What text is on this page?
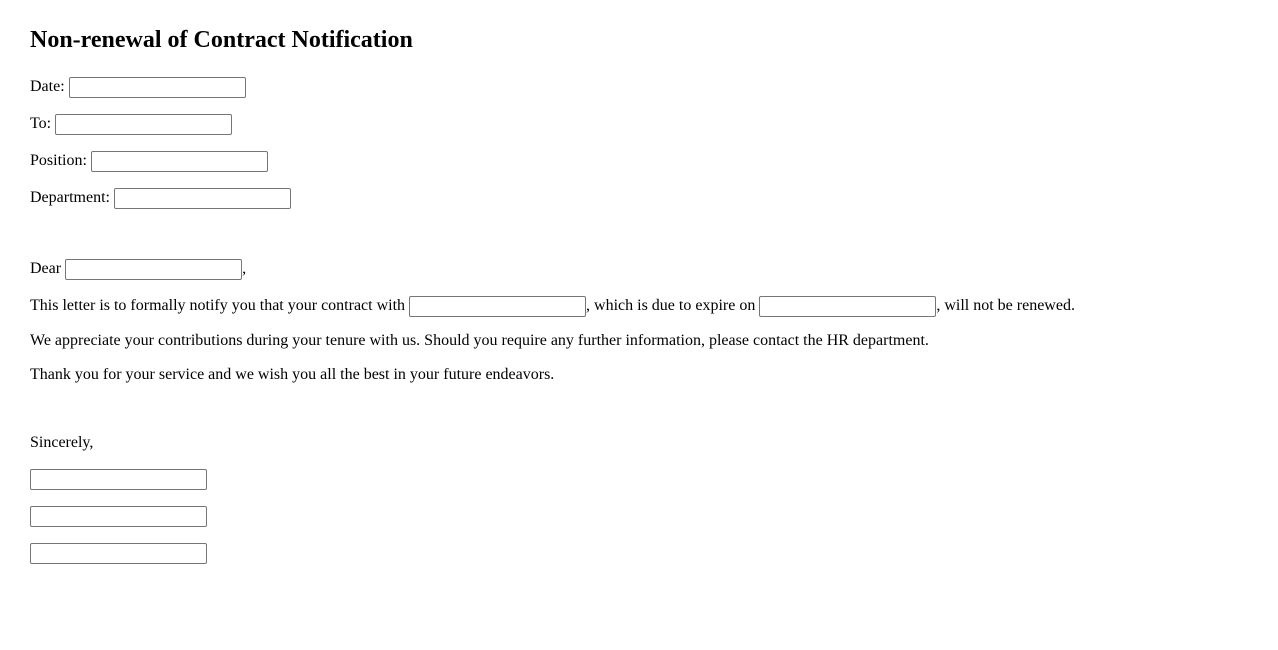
Non-renewal of Contract Notification

Date:

To:

Position:

Department:

Dear	,

This letter is to formally notify you that your contract with	, which is due to expire on	, will not be renewed.

We appreciate your contributions during your tenure with us. Should you require any further information, please contact the HR department.

Thank you for your service and we wish you all the best in your future endeavors.

Sincerely,
